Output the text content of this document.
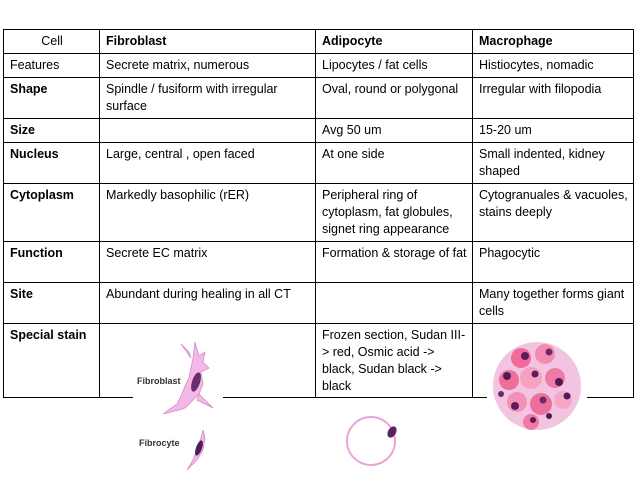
Cell	Fibroblast	Adipocyte	Macrophage
Features	Secrete matrix, numerous	Lipocytes / fat cells	Histiocytes, nomadic
Shape	Spindle / fusiform with irregular surface	Oval, round or polygonal	Irregular with filopodia
Size		Avg 50 um	15-20 um
Nucleus	Large, central , open faced	At one side	Small indented, kidney shaped
Cytoplasm	Markedly basophilic (rER)	Peripheral ring of cytoplasm, fat globules, signet ring appearance	Cytogranuales & vacuoles, stains deeply
Function	Secrete EC matrix	Formation & storage of fat	Phagocytic
Site	Abundant during healing in all CT		Many together forms giant cells
Special stain		Frozen section, Sudan III-> red, Osmic acid -> black, Sudan black -> black	
Fibroblast
Fibrocyte
